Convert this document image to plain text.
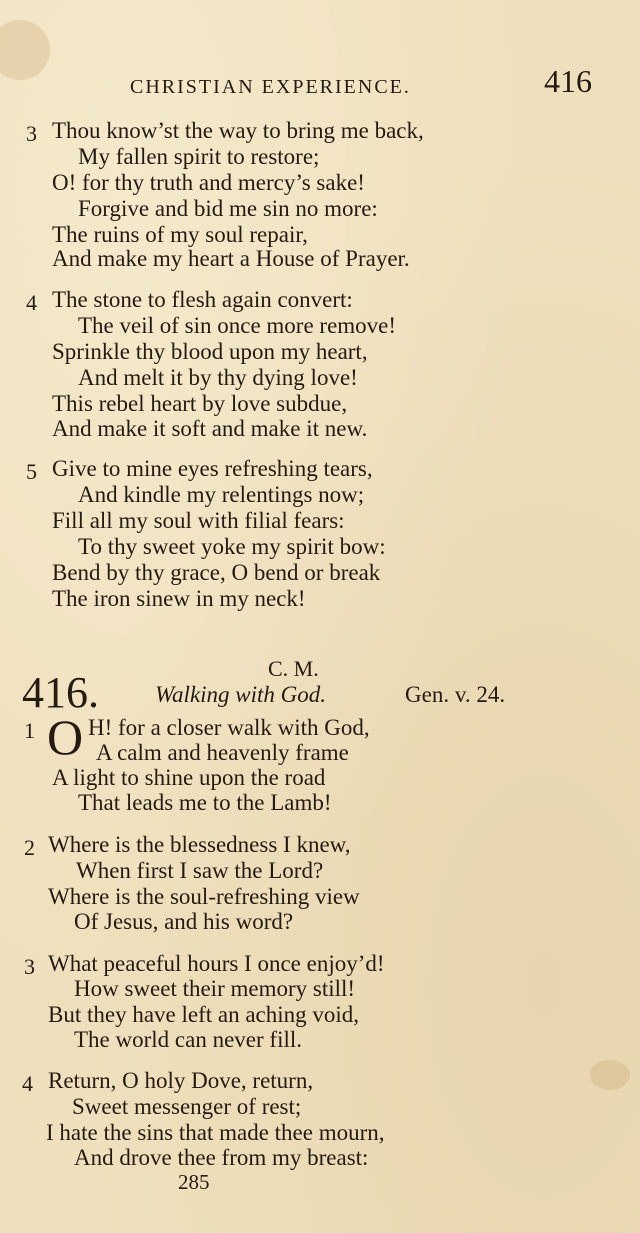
CHRISTIAN EXPERIENCE.	416
3 Thou know’st the way to bring me back,
My fallen spirit to restore;
O! for thy truth and mercy’s sake!
Forgive and bid me sin no more:
The ruins of my soul repair,
And make my heart a House of Prayer.
4 The stone to flesh again convert:
The veil of sin once more remove!
Sprinkle thy blood upon my heart,
And melt it by thy dying love!
This rebel heart by love subdue,
And make it soft and make it new.
5 Give to mine eyes refreshing tears,
And kindle my relentings now;
Fill all my soul with filial fears:
To thy sweet yoke my spirit bow:
Bend by thy grace, O bend or break
The iron sinew in my neck!
416.	C. M.
Walking with God.	Gen. v. 24.
1 O H! for a closer walk with God,
A calm and heavenly frame
A light to shine upon the road
That leads me to the Lamb!
2 Where is the blessedness I knew,
When first I saw the Lord?
Where is the soul-refreshing view
Of Jesus, and his word?
3 What peaceful hours I once enjoy’d!
How sweet their memory still!
But they have left an aching void,
The world can never fill.
4 Return, O holy Dove, return,
Sweet messenger of rest;
I hate the sins that made thee mourn,
And drove thee from my breast:
285
